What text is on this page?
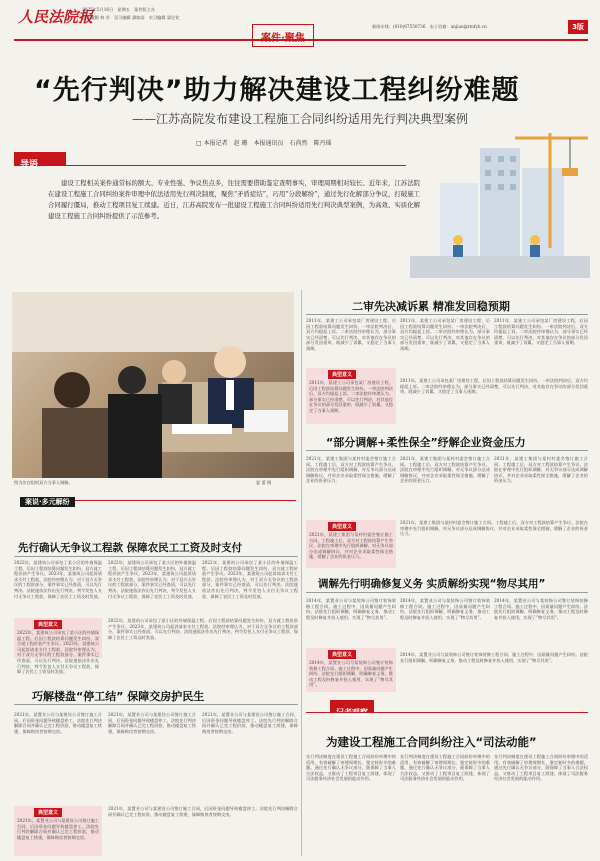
人民法院报
2025年5月16日　星期五　案件版主办
责任编辑 林 芳　见习编辑 潘如雨　实习编辑 梁仕钦
新闻专线：(010)67550736　电子信箱：anjian@rmfyb.cn	3版
“先行判决”助力解决建设工程纠纷难题
——江苏高院发布建设工程施工合同纠纷适用先行判决典型案例
□ 本报记者　赵 珊　本报通讯员　石尚然　陈丹瑶
导语
建设工程相关案件通常标的额大、专业性强、争议焦点多，往往需要借助鉴定查明事实，审理周期相对较长。近年来，江苏法院在建设工程施工合同纠纷案件审理中依法适用先行判决制度，聚焦“矛盾症结”，巧用“分段解纷”，通过先行化解部分争议，打破施工合同履行僵局，推动工程项目复工续建。近日，江苏高院发布一批建设工程施工合同纠纷适用先行判决典型案例，为高效、实质化解建设工程施工合同纠纷提供了示范参考。
图为法官组织双方当事人调解。	夏 蕾 摄
案说·多元解纷
先行确认无争议工程款 保障农民工工资及时支付
2022年，某建筑公司承包了某小区的外墙保温工程。后因工程款结算问题发生纠纷，双方就工程价款产生争议。2023年，某建筑公司起诉请求支付工程款。法院经审理认为，对于双方无争议的工程款部分，案件事实已经查清，可以先行判决。法院遂依法作出先行判决，判令发包人支付无争议工程款，保障了农民工工资及时发放。
2022年，某建筑公司承包了某小区的外墙保温工程。后因工程款结算问题发生纠纷，双方就工程价款产生争议。2023年，某建筑公司起诉请求支付工程款。法院经审理认为，对于双方无争议的工程款部分，案件事实已经查清，可以先行判决。法院遂依法作出先行判决，判令发包人支付无争议工程款，保障了农民工工资及时发放。
2022年，某建筑公司承包了某小区的外墙保温工程。后因工程款结算问题发生纠纷，双方就工程价款产生争议。2023年，某建筑公司起诉请求支付工程款。法院经审理认为，对于双方无争议的工程款部分，案件事实已经查清，可以先行判决。法院遂依法作出先行判决，判令发包人支付无争议工程款，保障了农民工工资及时发放。
典型意义
2022年，某建筑公司承包了某小区的外墙保温工程。后因工程款结算问题发生纠纷，双方就工程价款产生争议。2023年，某建筑公司起诉请求支付工程款。法院经审理认为，对于双方无争议的工程款部分，案件事实已经查清，可以先行判决。法院遂依法作出先行判决，判令发包人支付无争议工程款，保障了农民工工资及时发放。
2022年，某建筑公司承包了某小区的外墙保温工程。后因工程款结算问题发生纠纷，双方就工程价款产生争议。2023年，某建筑公司起诉请求支付工程款。法院经审理认为，对于双方无争议的工程款部分，案件事实已经查清，可以先行判决。法院遂依法作出先行判决，判令发包人支付无争议工程款，保障了农民工工资及时发放。
巧解楼盘“停工结” 保障交房护民生
2021年，某置业公司与某建设公司签订施工合同，后因资金问题导致楼盘停工。法院先行判决解除合同并确认已完工程价款，推动楼盘复工续建，保障购房者按期交房。
2021年，某置业公司与某建设公司签订施工合同，后因资金问题导致楼盘停工。法院先行判决解除合同并确认已完工程价款，推动楼盘复工续建，保障购房者按期交房。
2021年，某置业公司与某建设公司签订施工合同，后因资金问题导致楼盘停工。法院先行判决解除合同并确认已完工程价款，推动楼盘复工续建，保障购房者按期交房。
典型意义
2021年，某置业公司与某建设公司签订施工合同，后因资金问题导致楼盘停工。法院先行判决解除合同并确认已完工程价款，推动楼盘复工续建，保障购房者按期交房。
2021年，某置业公司与某建设公司签订施工合同，后因资金问题导致楼盘停工。法院先行判决解除合同并确认已完工程价款，推动楼盘复工续建，保障购房者按期交房。
二审先决减诉累 精准发回稳预期
2011年，某建工公司承包某厂房建设工程，后因工程款结算问题发生纠纷。一审法院判决后，双方均提起上诉。二审法院经审理认为，部分事实已经清楚，可以先行判决，对其他存在争议的部分发回重审，既减少了诉累，又稳定了当事人预期。
2011年，某建工公司承包某厂房建设工程，后因工程款结算问题发生纠纷。一审法院判决后，双方均提起上诉。二审法院经审理认为，部分事实已经清楚，可以先行判决，对其他存在争议的部分发回重审，既减少了诉累，又稳定了当事人预期。
2011年，某建工公司承包某厂房建设工程，后因工程款结算问题发生纠纷。一审法院判决后，双方均提起上诉。二审法院经审理认为，部分事实已经清楚，可以先行判决，对其他存在争议的部分发回重审，既减少了诉累，又稳定了当事人预期。
典型意义
2011年，某建工公司承包某厂房建设工程，后因工程款结算问题发生纠纷。一审法院判决后，双方均提起上诉。二审法院经审理认为，部分事实已经清楚，可以先行判决，对其他存在争议的部分发回重审，既减少了诉累，又稳定了当事人预期。
2011年，某建工公司承包某厂房建设工程，后因工程款结算问题发生纠纷。一审法院判决后，双方均提起上诉。二审法院经审理认为，部分事实已经清楚，可以先行判决，对其他存在争议的部分发回重审，既减少了诉累，又稳定了当事人预期。
“部分调解+柔性保全”纾解企业资金压力
2021年，某建工集团与某村村委会签订施工合同。工程竣工后，双方对工程款结算产生争议。法院在审理中先行组织调解，对无争议部分达成调解协议，并对企业采取柔性保全措施，缓解了企业的资金压力。
2021年，某建工集团与某村村委会签订施工合同。工程竣工后，双方对工程款结算产生争议。法院在审理中先行组织调解，对无争议部分达成调解协议，并对企业采取柔性保全措施，缓解了企业的资金压力。
2021年，某建工集团与某村村委会签订施工合同。工程竣工后，双方对工程款结算产生争议。法院在审理中先行组织调解，对无争议部分达成调解协议，并对企业采取柔性保全措施，缓解了企业的资金压力。
典型意义
2021年，某建工集团与某村村委会签订施工合同。工程竣工后，双方对工程款结算产生争议。法院在审理中先行组织调解，对无争议部分达成调解协议，并对企业采取柔性保全措施，缓解了企业的资金压力。
2021年，某建工集团与某村村委会签订施工合同。工程竣工后，双方对工程款结算产生争议。法院在审理中先行组织调解，对无争议部分达成调解协议，并对企业采取柔性保全措施，缓解了企业的资金压力。
调解先行明确修复义务 实质解纷实现“物尽其用”
2014年，某置业公司与某装饰公司签订装饰装修工程合同。施工过程中，因质量问题产生纠纷。法院先行组织调解，明确修复义务，推动工程及时修复并投入使用，实现了“物尽其用”。
2014年，某置业公司与某装饰公司签订装饰装修工程合同。施工过程中，因质量问题产生纠纷。法院先行组织调解，明确修复义务，推动工程及时修复并投入使用，实现了“物尽其用”。
2014年，某置业公司与某装饰公司签订装饰装修工程合同。施工过程中，因质量问题产生纠纷。法院先行组织调解，明确修复义务，推动工程及时修复并投入使用，实现了“物尽其用”。
典型意义
2014年，某置业公司与某装饰公司签订装饰装修工程合同。施工过程中，因质量问题产生纠纷。法院先行组织调解，明确修复义务，推动工程及时修复并投入使用，实现了“物尽其用”。
2014年，某置业公司与某装饰公司签订装饰装修工程合同。施工过程中，因质量问题产生纠纷。法院先行组织调解，明确修复义务，推动工程及时修复并投入使用，实现了“物尽其用”。
为建设工程施工合同纠纷注入“司法动能”
先行判决制度在建设工程施工合同纠纷审理中的适用，有效破解了审理周期长、鉴定耗时多的难题。通过先行确认无争议部分，既保障了当事人合法权益，又推动了工程项目复工续建，体现了司法服务经济社会发展的能动作用。
先行判决制度在建设工程施工合同纠纷审理中的适用，有效破解了审理周期长、鉴定耗时多的难题。通过先行确认无争议部分，既保障了当事人合法权益，又推动了工程项目复工续建，体现了司法服务经济社会发展的能动作用。
先行判决制度在建设工程施工合同纠纷审理中的适用，有效破解了审理周期长、鉴定耗时多的难题。通过先行确认无争议部分，既保障了当事人合法权益，又推动了工程项目复工续建，体现了司法服务经济社会发展的能动作用。
